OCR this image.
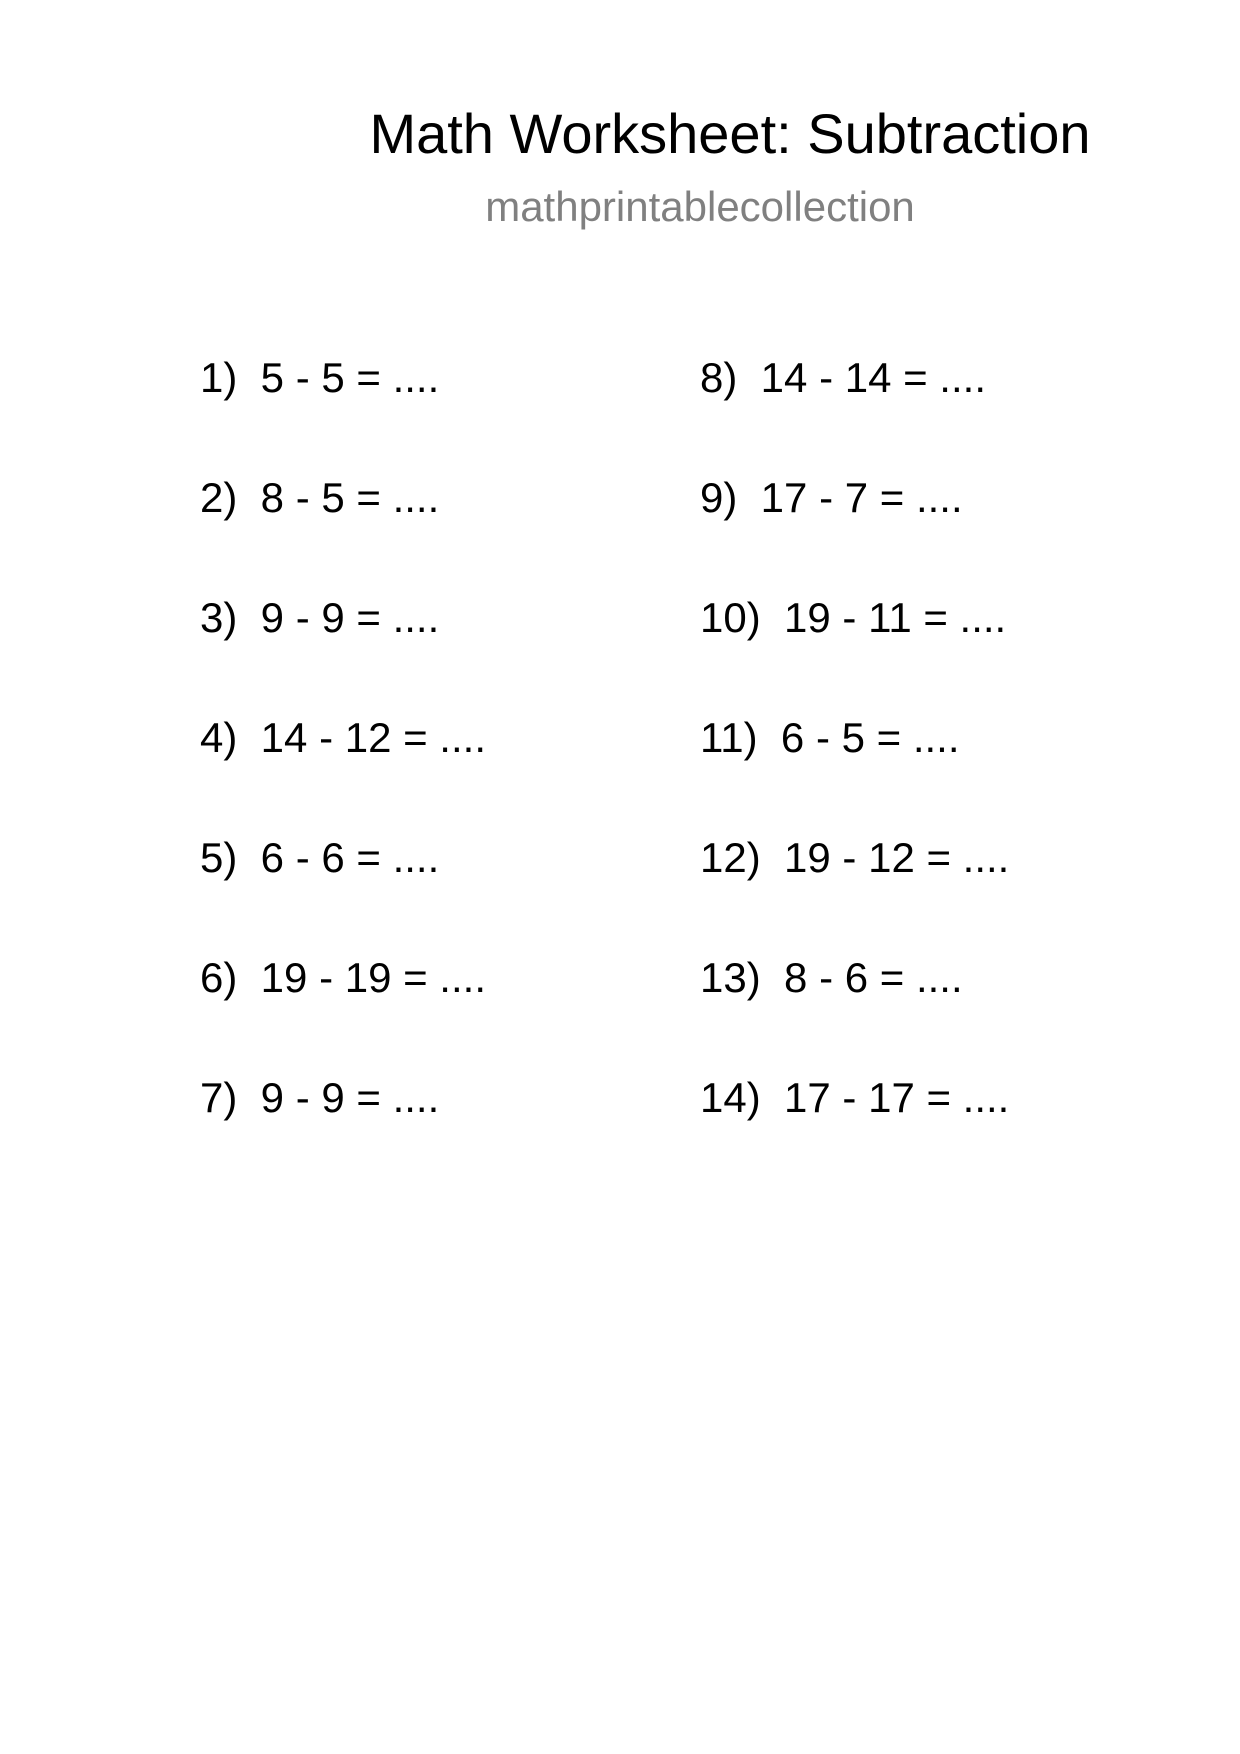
Math Worksheet: Subtraction
mathprintablecollection
1)  5 - 5 = ....
2)  8 - 5 = ....
3)  9 - 9 = ....
4)  14 - 12 = ....
5)  6 - 6 = ....
6)  19 - 19 = ....
7)  9 - 9 = ....
8)  14 - 14 = ....
9)  17 - 7 = ....
10)  19 - 11 = ....
11)  6 - 5 = ....
12)  19 - 12 = ....
13)  8 - 6 = ....
14)  17 - 17 = ....
